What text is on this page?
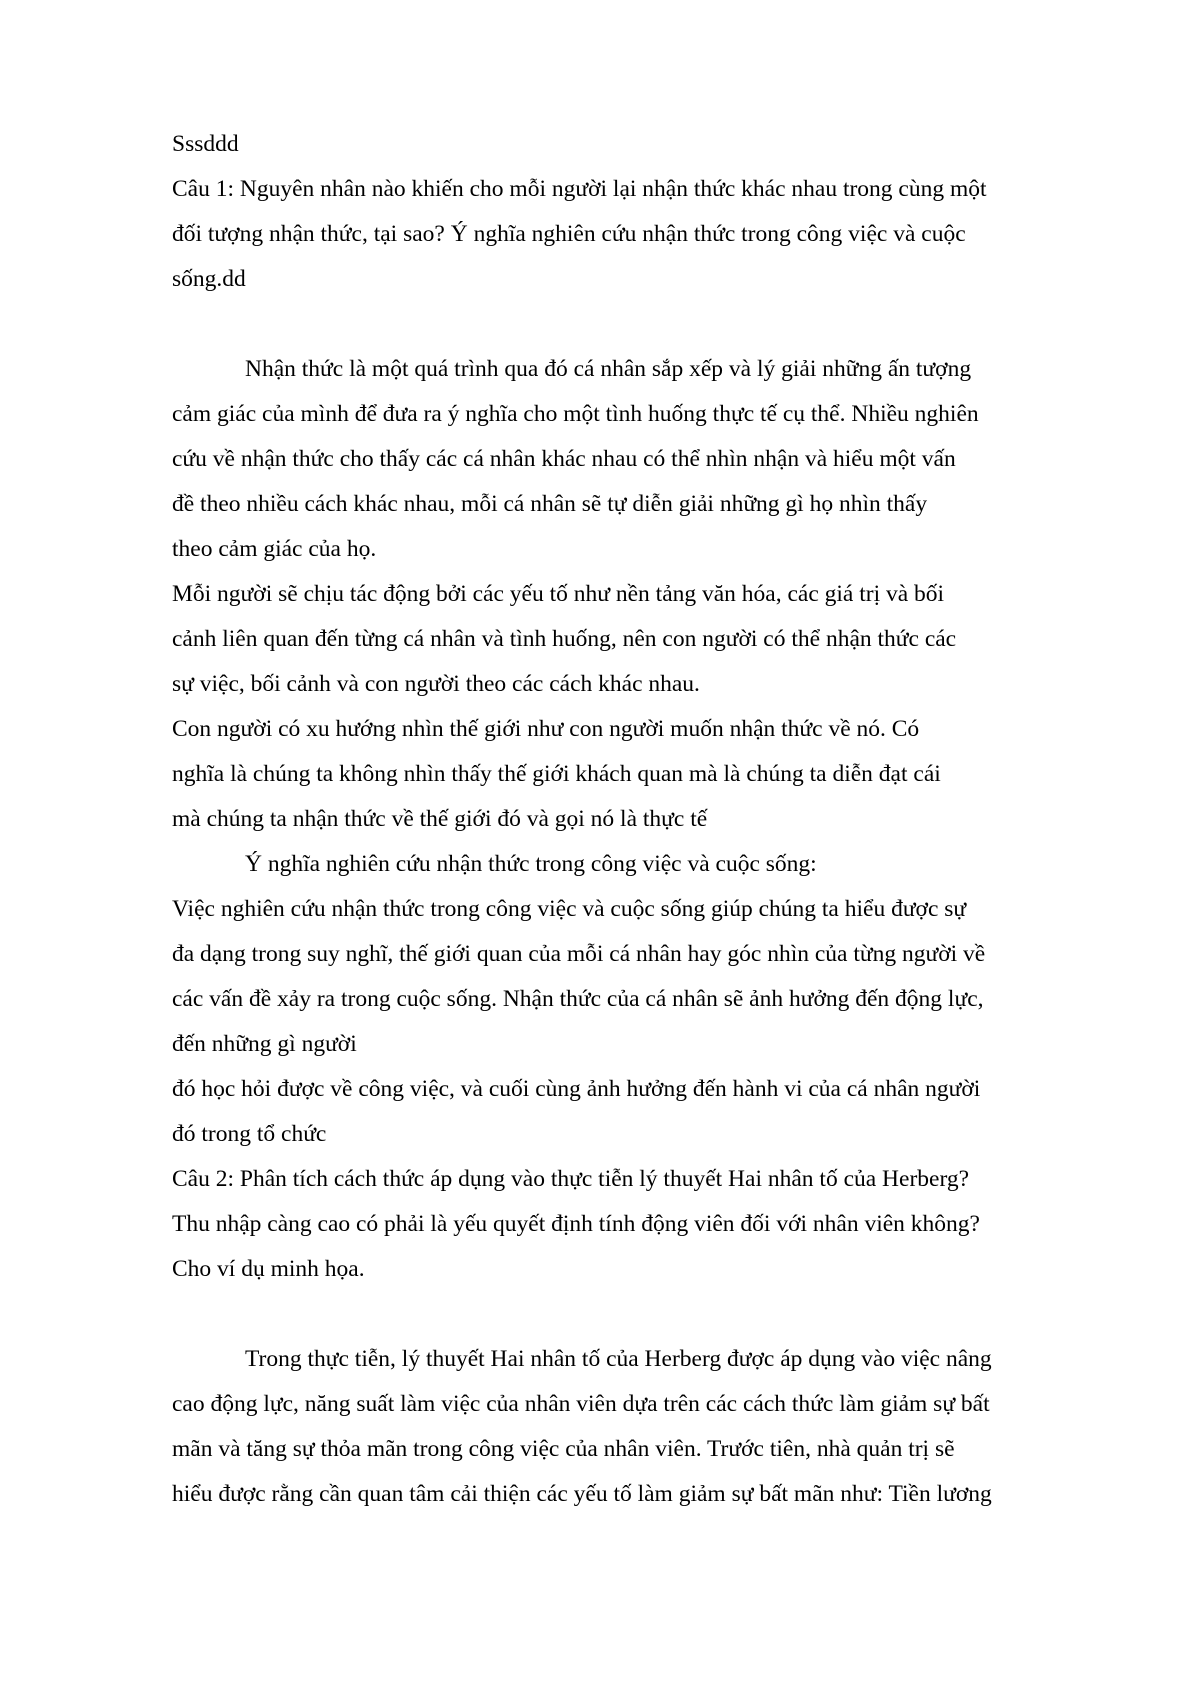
Sssddd
Câu 1: Nguyên nhân nào khiến cho mỗi người lại nhận thức khác nhau trong cùng một
đối tượng nhận thức, tại sao? Ý nghĩa nghiên cứu nhận thức trong công việc và cuộc
sống.dd
Nhận thức là một quá trình qua đó cá nhân sắp xếp và lý giải những ấn tượng
cảm giác của mình để đưa ra ý nghĩa cho một tình huống thực tế cụ thể. Nhiều nghiên
cứu về nhận thức cho thấy các cá nhân khác nhau có thể nhìn nhận và hiểu một vấn
đề theo nhiều cách khác nhau, mỗi cá nhân sẽ tự diễn giải những gì họ nhìn thấy
theo cảm giác của họ.
Mỗi người sẽ chịu tác động bởi các yếu tố như nền tảng văn hóa, các giá trị và bối
cảnh liên quan đến từng cá nhân và tình huống, nên con người có thể nhận thức các
sự việc, bối cảnh và con người theo các cách khác nhau.
Con người có xu hướng nhìn thế giới như con người muốn nhận thức về nó. Có
nghĩa là chúng ta không nhìn thấy thế giới khách quan mà là chúng ta diễn đạt cái
mà chúng ta nhận thức về thế giới đó và gọi nó là thực tế
Ý nghĩa nghiên cứu nhận thức trong công việc và cuộc sống:
Việc nghiên cứu nhận thức trong công việc và cuộc sống giúp chúng ta hiểu được sự
đa dạng trong suy nghĩ, thế giới quan của mỗi cá nhân hay góc nhìn của từng người về
các vấn đề xảy ra trong cuộc sống. Nhận thức của cá nhân sẽ ảnh hưởng đến động lực,
đến những gì người
đó học hỏi được về công việc, và cuối cùng ảnh hưởng đến hành vi của cá nhân người
đó trong tổ chức
Câu 2: Phân tích cách thức áp dụng vào thực tiễn lý thuyết Hai nhân tố của Herberg?
Thu nhập càng cao có phải là yếu quyết định tính động viên đối với nhân viên không?
Cho ví dụ minh họa.
Trong thực tiễn, lý thuyết Hai nhân tố của Herberg được áp dụng vào việc nâng
cao động lực, năng suất làm việc của nhân viên dựa trên các cách thức làm giảm sự bất
mãn và tăng sự thỏa mãn trong công việc của nhân viên. Trước tiên, nhà quản trị sẽ
hiểu được rằng cần quan tâm cải thiện các yếu tố làm giảm sự bất mãn như: Tiền lương
